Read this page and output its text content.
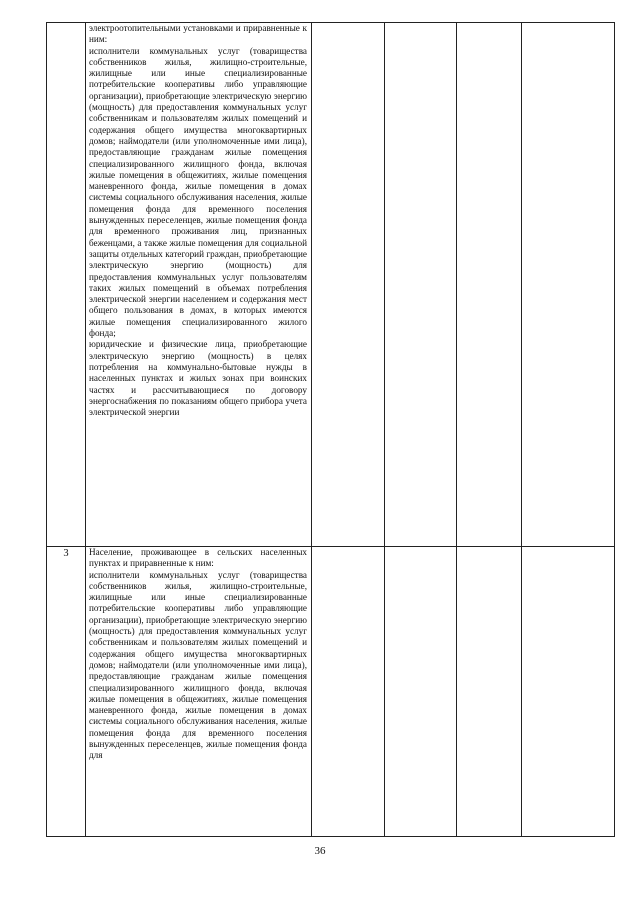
	электроотопительными установками и приравненные к ним:

исполнители коммунальных услуг (товарищества собственников жилья, жилищно-строительные, жилищные или иные специализированные потребительские кооперативы либо управляющие организации), приобретающие электрическую энергию (мощность) для предоставления коммунальных услуг собственникам и пользователям жилых помещений и содержания общего имущества многоквартирных домов; наймодатели (или уполномоченные ими лица), предоставляющие гражданам жилые помещения специализированного жилищного фонда, включая жилые помещения в общежитиях, жилые помещения маневренного фонда, жилые помещения в домах системы социального обслуживания населения, жилые помещения фонда для временного поселения вынужденных переселенцев, жилые помещения фонда для временного проживания лиц, признанных беженцами, а также жилые помещения для социальной защиты отдельных категорий граждан, приобретающие электрическую энергию (мощность) для предоставления коммунальных услуг пользователям таких жилых помещений в объемах потребления электрической энергии населением и содержания мест общего пользования в домах, в которых имеются жилые помещения специализированного жилого фонда;

юридические и физические лица, приобретающие электрическую энергию (мощность) в целях потребления на коммунально-бытовые нужды в населенных пунктах и жилых зонах при воинских частях и рассчитывающиеся по договору энергоснабжения по показаниям общего прибора учета электрической энергии				

3	Население, проживающее в сельских населенных пунктах и приравненные к ним:

исполнители коммунальных услуг (товарищества собственников жилья, жилищно-строительные, жилищные или иные специализированные потребительские кооперативы либо управляющие организации), приобретающие электрическую энергию (мощность) для предоставления коммунальных услуг собственникам и пользователям жилых помещений и содержания общего имущества многоквартирных домов; наймодатели (или уполномоченные ими лица), предоставляющие гражданам жилые помещения специализированного жилищного фонда, включая жилые помещения в общежитиях, жилые помещения маневренного фонда, жилые помещения в домах системы социального обслуживания населения, жилые помещения фонда для временного поселения вынужденных переселенцев, жилые помещения фонда для				

36
